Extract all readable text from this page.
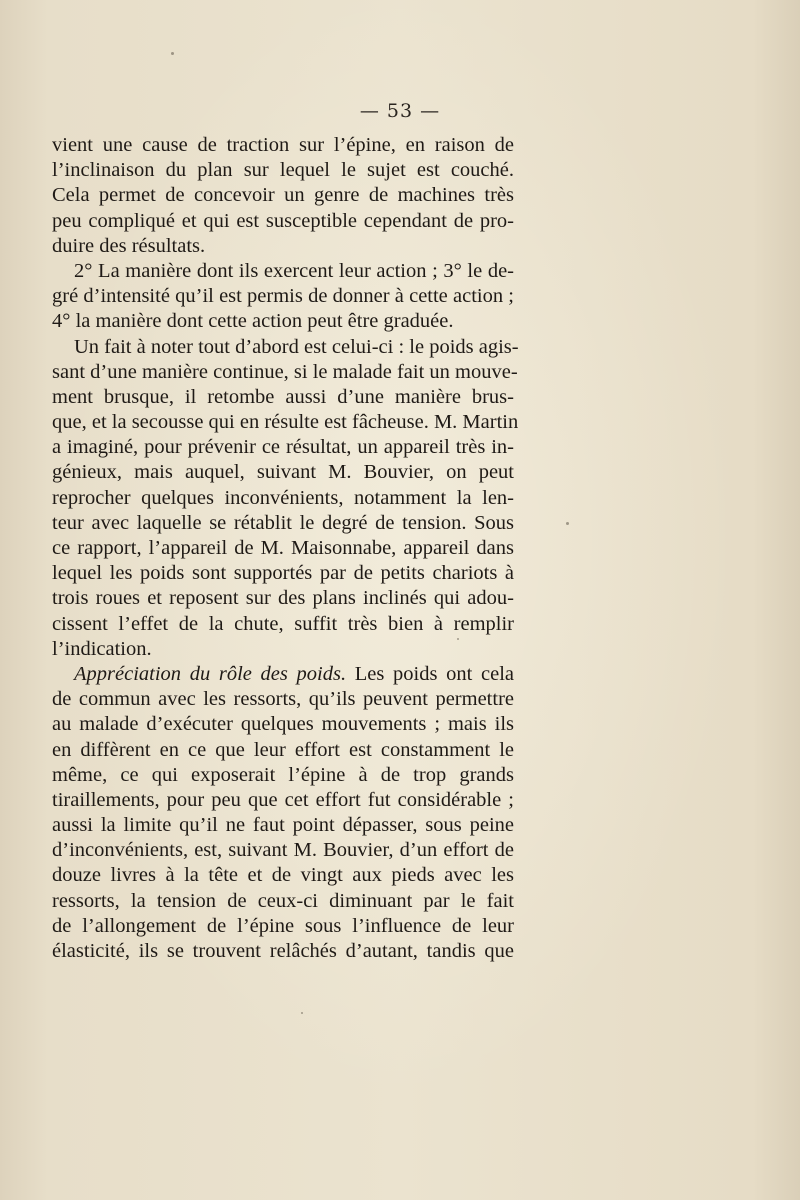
— 53 —
vient une cause de traction sur l’épine, en raison de
l’inclinaison du plan sur lequel le sujet est couché.
Cela permet de concevoir un genre de machines très
peu compliqué et qui est susceptible cependant de pro-
duire des résultats.
2° La manière dont ils exercent leur action ; 3° le de-
gré d’intensité qu’il est permis de donner à cette action ;
4° la manière dont cette action peut être graduée.
Un fait à noter tout d’abord est celui-ci : le poids agis-
sant d’une manière continue, si le malade fait un mouve-
ment brusque, il retombe aussi d’une manière brus-
que, et la secousse qui en résulte est fâcheuse. M. Martin
a imaginé, pour prévenir ce résultat, un appareil très in-
génieux, mais auquel, suivant M. Bouvier, on peut
reprocher quelques inconvénients, notamment la len-
teur avec laquelle se rétablit le degré de tension. Sous
ce rapport, l’appareil de M. Maisonnabe, appareil dans
lequel les poids sont supportés par de petits chariots à
trois roues et reposent sur des plans inclinés qui adou-
cissent l’effet de la chute, suffit très bien à remplir
l’indication.
Appréciation du rôle des poids. Les poids ont cela
de commun avec les ressorts, qu’ils peuvent permettre
au malade d’exécuter quelques mouvements ; mais ils
en diffèrent en ce que leur effort est constamment le
même, ce qui exposerait l’épine à de trop grands
tiraillements, pour peu que cet effort fut considérable ;
aussi la limite qu’il ne faut point dépasser, sous peine
d’inconvénients, est, suivant M. Bouvier, d’un effort de
douze livres à la tête et de vingt aux pieds avec les
ressorts, la tension de ceux-ci diminuant par le fait
de l’allongement de l’épine sous l’influence de leur
élasticité, ils se trouvent relâchés d’autant, tandis que
